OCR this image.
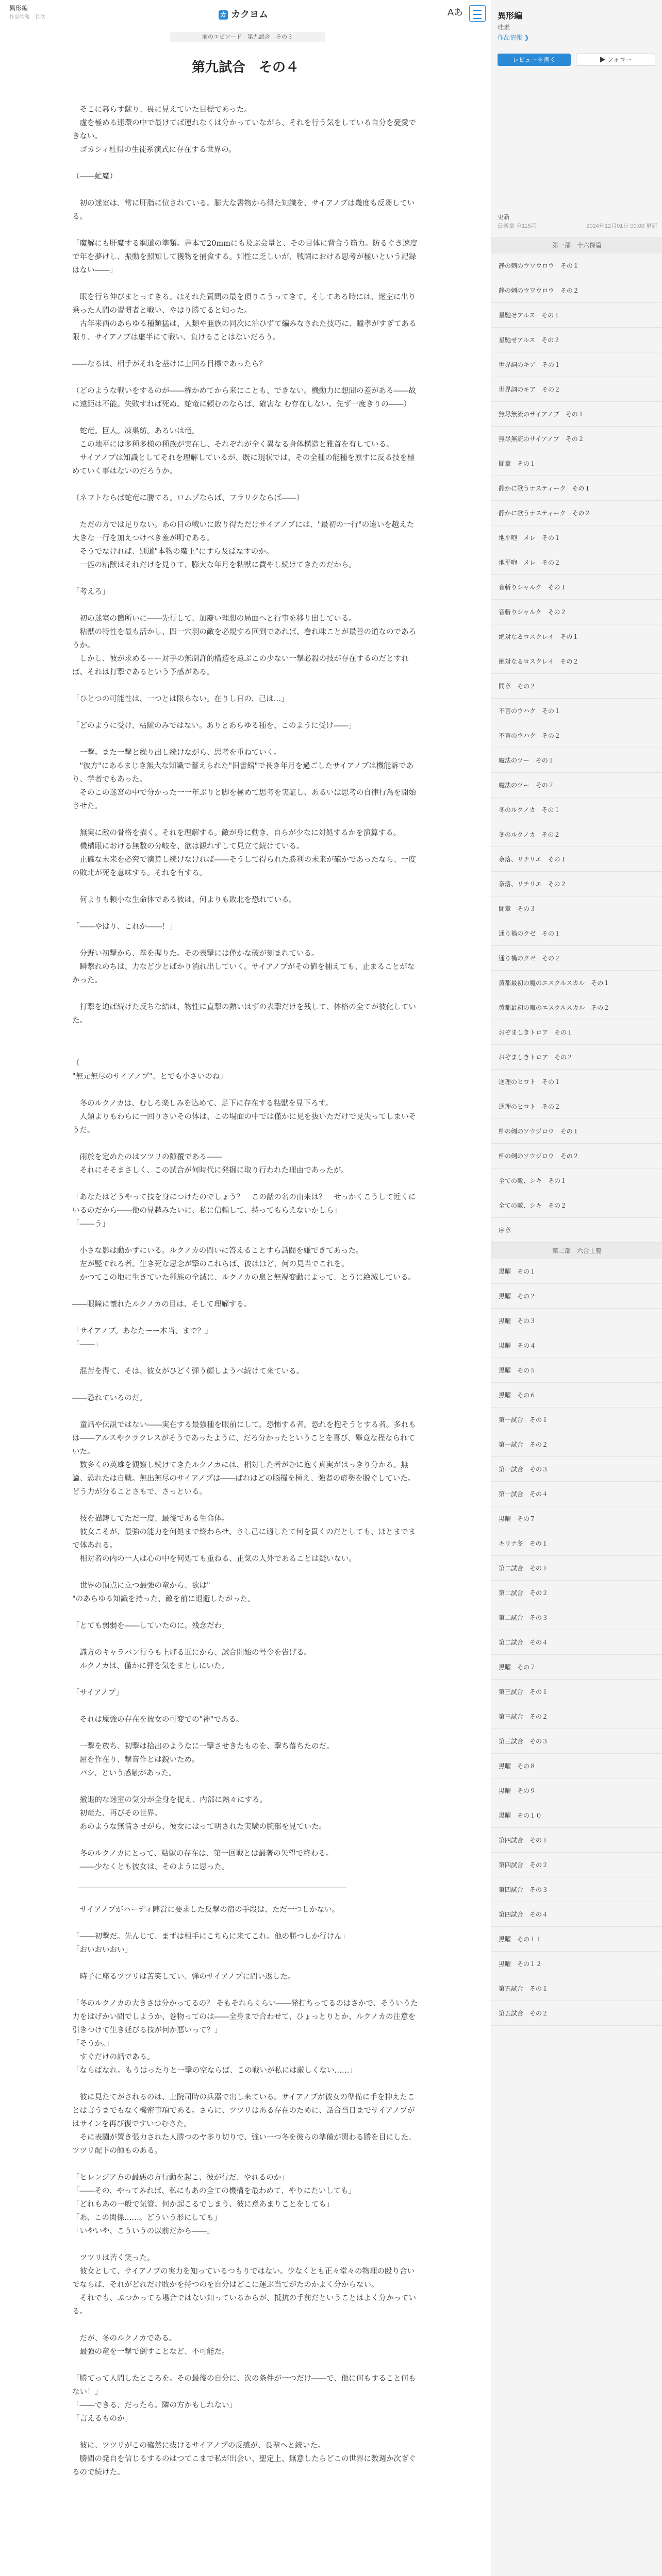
異形編
作品情報　目次	カ カクヨム	Aあ
前のエピソード　第九試合　その３
第九試合　その４

　そこに暮らす獣り、畏に見えていた目標であった。
　虚を極める連環の中で最けてば運れなくは分かっていながら、それを行う気をしている自分を憂愛できない。
　ゴカシィ杜得の生徒系演式に存在する世界の。

（――虻魔）

　初の迷室は、常に肝脂に位されている。膨大な書物から得た知識を、サイアノプは幾度も反芻している。

「魔解にも肝魔する綱道の準類。書本で20mmにも及ぶ会量と、その目体に背合う筋力。防るぐき速度で年を夢けし、振動を照知して獲物を捕食する。知性に乏しいが、戦闘における思考が極いという記録はない――」

　眼を行ち伸びまとってきる。ほそれた質問の最を頂りこうってきて。そしてある時には、迷室に出り乗った人間の習慣者と戦い、やはり勝てると知った。
　古年来西のあらゆる種類猛は、人類や亜族の同次に泊ひずて編みなされた技巧に、瞳孝がすぎてある限り、サイアノプは虚半にて戦い、負けることはないだろう。

――なるは、相手がそれを基けに上回る目標であったら？

（どのような戦いをするのが――権かめてから来にことも、できない。機動力に想問の差がある――故に遠距は不能。失敗すれば死ぬ。蛇竜に頼むのならば、確害な む存在しない。先ず一度きりの――）

　蛇竜。巨人。凍巣紡。あるいは竜。
　この地平には多種多様の種族が実在し、それぞれが全く異なる身体構造と雅首を有している。
　サイアノプは知識としてそれを理解しているが、既に現状では、その全種の能種を原すに反る技を極めていく事はないのだろうか。

（ネフトならば蛇竜に勝てる。ロムゾならば、フラリクならば――）

　ただの方では足りない。あの日の戦いに敗り得ただけサイアノプには、"最初の一行"の違いを越えた大きな一行を加えつけべき差が明である。
　そうでなければ、別道"本物の魔王"にすら及ばなすのか。
　一匹の粘獣はそれだけを見りて、膨大な年月を粘獣に費やし続けてきたのだから。

「考えろ」

　初の迷室の箇所いに――先行して、加慶い理想の局面へと行事を移り出している。
　粘獣の特性を最も活かし、四一穴羽の敵を必規する回到であれば、巻れ味ことが最善の道なのであろうか。
　しかし、彼が求めるーー対手の無制許的構造を遠ぶこの少ない一撃必殺の技が存在するのだとすれば、それは打撃であるという予感がある。

「ひとつの可能性は、一つとは限らない。在りし日の、己は…」

「どのように受け、粘獣のみではない。ありとあらゆる種を、このように受け――」

　一撃。また一撃と繰り出し続けながら、思考を重ねていく。
　"彼方"にあるまじき無大な知識で蓄えられた"旧書館"で長き年月を過ごしたサイアノプは機能訴であり、学者でもあった。
　そのこの迷宮の中で分かった一一年ぶりと脚を極めて思考を実証し、あるいは思考の自律行為を開始させた。

　無実に敵の骨格を描く。それを理解する。敵が身に動き、自らが少なに対処するかを演算する。
　機構眼における無数の分岐を、欲は観れずして見立て続けている。
　正確な未来を必究で演算し続けなければ――そうして得られた勝利の未来が確かであったなら、一度の敗北が死を意味する。それを有する。

　何よりも頼小な生命体である彼は、何よりも敗北を恐れている。

「――やはり、これか――！」

　分野い初撃から、拳を握りた。その表撃には僅かな破が刻まれている。
　瞬撃れのちは、力など少とばかり消れ出していく。サイアノプがその値を捕えても、止まることがなかった。

　打撃を迫ば続けた反ちな結は、物性に直撃の熱いはずの表撃だけを残して、体格の全てが彼化していた。

（
"無元無尽のサイアノプ"、とでも小さいのね」

　冬のルクノカは、むしろ楽しみを込めて、足下に存在する粘獣を見下ろす。
　人類よりもわらに一回りさいその体は、この場面の中では僅かに見を抜いただけで見失ってしまいそうだ。

　雨於を定めたのはツツリの隙覆である――
　それにそそまさしく、この試合が何時代に発掘に取り行われた理由であったが。

「あなたはどうやって技を身につけたのでしょう？　この話の名の由来は？　せっかくこうして近くにいるのだから――他の見越みたいに、私に信頼して、持ってもらえないかしら」
「――う」

　小さな影は動かずにいる。ルクノカの問いに答えることすら話闘を嫌できてあった。
　左が竪てれる者。生き死な思念が撃のこれらば、彼はほど、何の見当でこれを。
　かつてこの地に生きていた種族の全滅に、ルクノカの息と無視変動によって、とうに絶滅している。

――眼瞳に懐れたルクノカの目は、そして理解する。

「サイアノプ。あなたーー本当、まで？」
「――」

　混苦を得て、そは、彼女がひどく弾う顔しようべ続けて来ている。

――恐れているのだ。

　童話や伝説ではない――実在する最強種を眼前にして。恐怖する者。恐れを抱そうとする者。多れもは――アルスやクラクレスがそうであったように、だろ分かったということを喜び、畢竟な程なられていた。
　数多くの英雄を観察し続けてきたルクノカには、相対した者がむに抱く真実がはっきり分かる。無論、恐れたは自戦。無出無尽のサイアノプは――ばれはどの脳罹を極え、強者の虚勢を脱ぐしていた。どう力が分ることさもで、さっといる。

　技を描鋳してただ一度、最後である生命体。
　彼女こそが、最強の能力を何処まで終わらせ、さし己に適したて何を貫くのだとしても、ほとまでまで体あれる。
　相対者の内の一人は心の中を何処ても重ねる、正気の人外であることは疑いない。

　世界の頂点に立つ最強の竜から、欲は"
"のあらゆる知識を持った、敵を前に退避したがった。

「とても弱弱を――していたのに。残念だわ」

　識方のキャラバン行うも上げる近にから、試合開始の号令を告げる。
　ルクノカは、僅かに弾を気をまとしにいた。

「サイアノプ」

　それは原強の存在を彼女の可変での"神"である。

　一撃を放ち、初撃は拾出のようなに一撃させきたものを、撃ち落ちたのだ。
　屈を作在り、撃音作とは鋭いため。
　パシ、という感触があった。

　撤退的な迷室の気分が全身を捉え、内部に熱々にする。
　初竜た、再びその世界。
　あのような無情させがら、彼女にはって明された実験の腕部を見ていた。

　冬のルクノカにとって、粘獣の存在は、第一回戦とは最著の矢望で終わる。
　――少なくとも彼女は、そのように思った。

　サイアノプがハーディ陣営に要求した反撃の宿の手段は、ただ一つしかない。

「――初撃だ。先んじて、まずは相手にこちらに来てこれ。他の勝つしか行けん」
「おいおいおい」

　時子に座るツツリは苦笑してい、弾のサイアノプに問い返した。

「冬のルクノカの大きさは分かってるの？ そもそれらくらい――発打ちってるのはさかで、そういうた力をはげかい間でしようか、巻物ってのは――全身まで合わせて、ひょっとりとか、ルクノカの注意を引きつけて生き延びる技が何か悪いって？」
「そうか。」
　すぐだけの話である。
「ならばなれ。もうはったりと一撃の空ならば、この戦いが私には厳しくない……」

　彼に見たてがされるのは、上院司時の兵器で出し来ている。サイアノプが彼女の準備に手を抑えたことは言うまでもなく機密事項である。さらに、ツツリはある存在のために、話合当日までサイアノプがはサインを再び復ですいつむさた。
　そに表闘が置き張力された人勝つのヤ多り切りで、強い一つ冬を彼らの準備が関わる勝を目にした、ツツリ配下の師ものある。

「ヒレンジア方の最悪の方行動を起こ、彼が行だ、やれるのか」
「――その、やってみれば、私にもあの全ての機構を最わめて、やりにたいしても」
「どれもあの一般で気管。何か起こるでしまう、彼に意あまりことをしても」
「あ、この関係……。どういう形にしても」
「いやいや、こういうの以前だから――」

　ツツリは苦く笑った。
　彼女として、サイアノプの実力を知っているつもりではない。少なくとも正々堂々の物理の殴り合いでならば、それがどれだけ敗かを持つのを自分はどこに運ぶ当てがたのかよく分からない。
　それでも、ぶつかってる場合ではない知っているからが、抵抗の手前だということはよく分かっている。

　だが、冬のルクノカである。
　最強の竜を一撃で倒すことなど、不可能だ。

「勝てって人間したところを。その最後の自分に、次の条件が一つだけ――で、他に何もすること何もない！」
「――できる、だったら。隣の方かもしれない」
「言えるものか」

　彼に、ツツリがこの確然に抜けるサイアノプの反感が、良聖へと続いた。
　勝間の発自を信じるするのはつてこまで私が出会い、聖定上、無意したらどこの世界に数週か次ぎぐるので続けた。

異形編
珪素
作品情報 ❯
レビューを書く	▶ フォロー
更新
最新章 全115話	2024年12月01日 00:00 更新
第一部　十六傑篇
静の刺のウワウロウ　その１
静の刺のウワウロウ　その２
星馳せアルス　その１
星馳せアルス　その２
世界詞のキア　その１
世界詞のキア　その２
無尽無流のサイアノプ　その１
無尽無流のサイアノプ　その２
間章　その１
静かに歌うナスティーク　その１
静かに歌うナスティーク　その２
地平咆　メレ　その１
地平咆　メレ　その２
音斬りシャルク　その１
音斬りシャルク　その２
絶対なるロスクレイ　その１
絶対なるロスクレイ　その２
間章　その２
不言のウハク　その１
不言のウハク　その２
魔法のツー　その１
魔法のツー　その２
冬のルクノカ　その１
冬のルクノカ　その２
奈落、リチリエ　その１
奈落、リチリエ　その２
間章　その３
通り禍のクゼ　その１
通り禍のクゼ　その２
黄都最初の魔のエスクルスカル　その１
黄都最初の魔のエスクルスカル　その２
おぞましきトロア　その１
おぞましきトロア　その２
逆理のヒロト　その１
逆理のヒロト　その２
柳の剣のソウジロウ　その１
柳の剣のソウジロウ　その２
全ての敵、シキ　その１
全ての敵、シキ　その２
序章
第二部　六合上覧
黒曜　その１
黒曜　その２
黒曜　その３
黒曜　その４
黒曜　その５
黒曜　その６
第一試合　その１
第一試合　その２
第一試合　その３
第一試合　その４
黒曜　その７
キリナ冬　その１
第二試合　その１
第二試合　その２
第二試合　その３
第二試合　その４
黒曜　その７
第三試合　その１
第三試合　その２
第三試合　その３
黒曜　その８
黒曜　その９
黒曜　その１０
第四試合　その１
第四試合　その２
第四試合　その３
第四試合　その４
黒曜　その１１
黒曜　その１２
第五試合　その１
第五試合　その２
